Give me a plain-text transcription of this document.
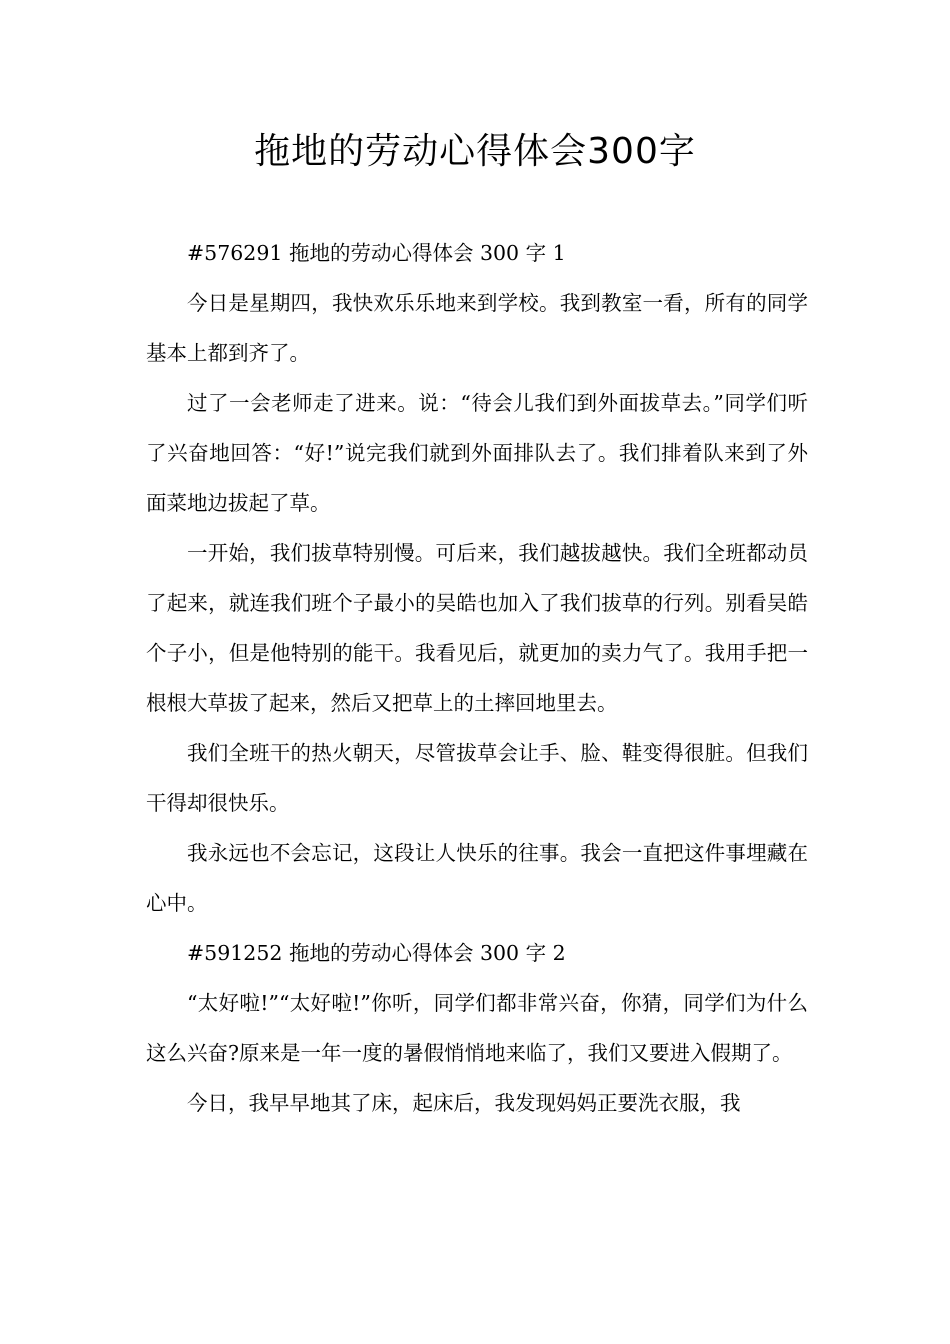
拖地的劳动心得体会300字

#576291 拖地的劳动心得体会 300 字 1

今日是星期四，我快欢乐乐地来到学校。我到教室一看，所有的同学基本上都到齐了。

过了一会老师走了进来。说：“待会儿我们到外面拔草去。”同学们听了兴奋地回答：“好!”说完我们就到外面排队去了。我们排着队来到了外面菜地边拔起了草。

一开始，我们拔草特别慢。可后来，我们越拔越快。我们全班都动员了起来，就连我们班个子最小的吴皓也加入了我们拔草的行列。别看吴皓个子小，但是他特别的能干。我看见后，就更加的卖力气了。我用手把一根根大草拔了起来，然后又把草上的土摔回地里去。

我们全班干的热火朝天，尽管拔草会让手、脸、鞋变得很脏。但我们干得却很快乐。

我永远也不会忘记，这段让人快乐的往事。我会一直把这件事埋藏在心中。

#591252 拖地的劳动心得体会 300 字 2

“太好啦!”“太好啦!”你听，同学们都非常兴奋，你猜，同学们为什么这么兴奋?原来是一年一度的暑假悄悄地来临了，我们又要进入假期了。

今日，我早早地其了床，起床后，我发现妈妈正要洗衣服，我
